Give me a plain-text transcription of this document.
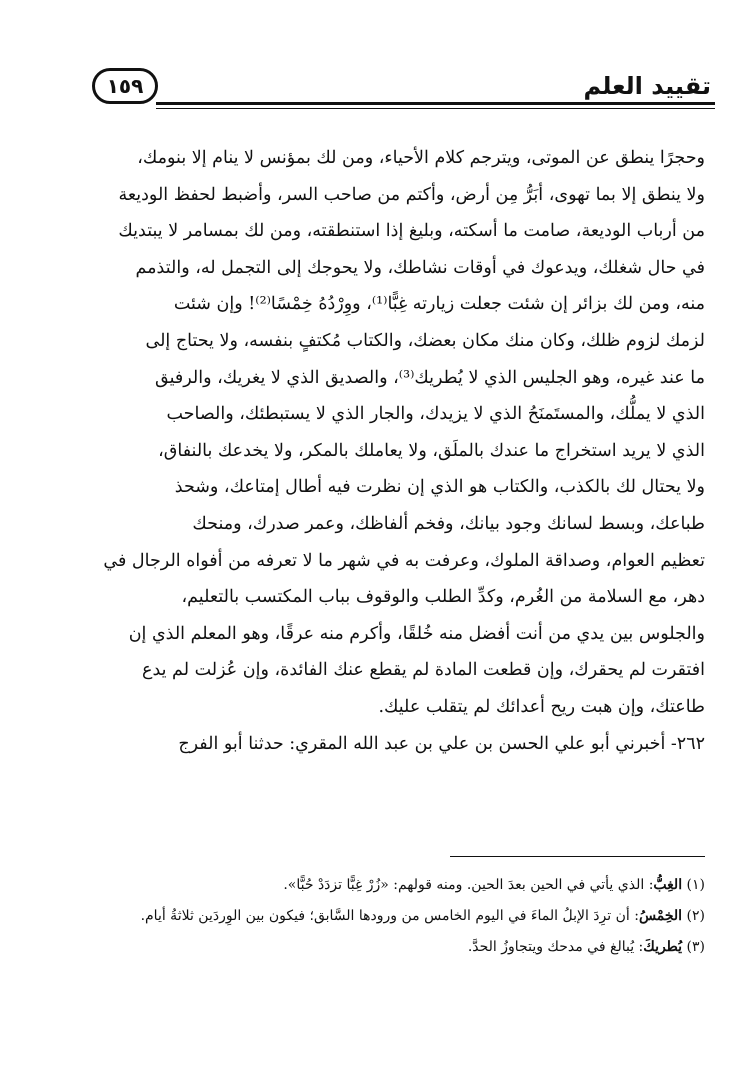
تقييد العلم
١٥٩

وحجرًا ينطق عن الموتى، ويترجم كلام الأحياء، ومن لك بمؤنس لا ينام إلا بنومك،
ولا ينطق إلا بما تهوى، أبَرُّ مِن أرض، وأكتم من صاحب السر، وأضبط لحفظ الوديعة
من أرباب الوديعة، صامت ما أسكته، وبليغ إذا استنطقته، ومن لك بمسامر لا يبتديك
في حال شغلك، ويدعوك في أوقات نشاطك، ولا يحوجك إلى التجمل له، والتذمم
منه، ومن لك بزائر إن شئت جعلت زيارته غِبًّا⁽¹⁾، ووِرْدُهُ خِمْسًا⁽²⁾! وإن شئت
لزمك لزوم ظلك، وكان منك مكان بعضك، والكتاب مُكتفٍ بنفسه، ولا يحتاج إلى
ما عند غيره، وهو الجليس الذي لا يُطريك⁽³⁾، والصديق الذي لا يغريك، والرفيق
الذي لا يملُّك، والمستَمنَحُ الذي لا يزيدك، والجار الذي لا يستبطئك، والصاحب
الذي لا يريد استخراج ما عندك بالملَق، ولا يعاملك بالمكر، ولا يخدعك بالنفاق،
ولا يحتال لك بالكذب، والكتاب هو الذي إن نظرت فيه أطال إمتاعك، وشحذ
طباعك، وبسط لسانك وجود بيانك، وفخم ألفاظك، وعمر صدرك، ومنحك
تعظيم العوام، وصداقة الملوك، وعرفت به في شهر ما لا تعرفه من أفواه الرجال في
دهر، مع السلامة من الغُرم، وكدِّ الطلب والوقوف بباب المكتسب بالتعليم،
والجلوس بين يدي من أنت أفضل منه خُلقًا، وأكرم منه عرقًا، وهو المعلم الذي إن
افتقرت لم يحقرك، وإن قطعت المادة لم يقطع عنك الفائدة، وإن عُزلت لم يدع
طاعتك، وإن هبت ريح أعدائك لم يتقلب عليك.

٢٦٢- أخبرني أبو علي الحسن بن علي بن عبد الله المقري: حدثنا أبو الفرج

(١) الغِبُّ: الذي يأتي في الحين بعدَ الحين. ومنه قولهم: «زُرْ غِبًّا تزدَدْ حُبًّا».

(٢) الخِمْسُ: أن ترِدَ الإبلُ الماءَ في اليوم الخامس من ورودها السَّابق؛ فيكون بين الوِردَين ثلاثةُ أيام.

(٣) يُطريكَ: يُبالغ في مدحك ويتجاوزُ الحدَّ.
